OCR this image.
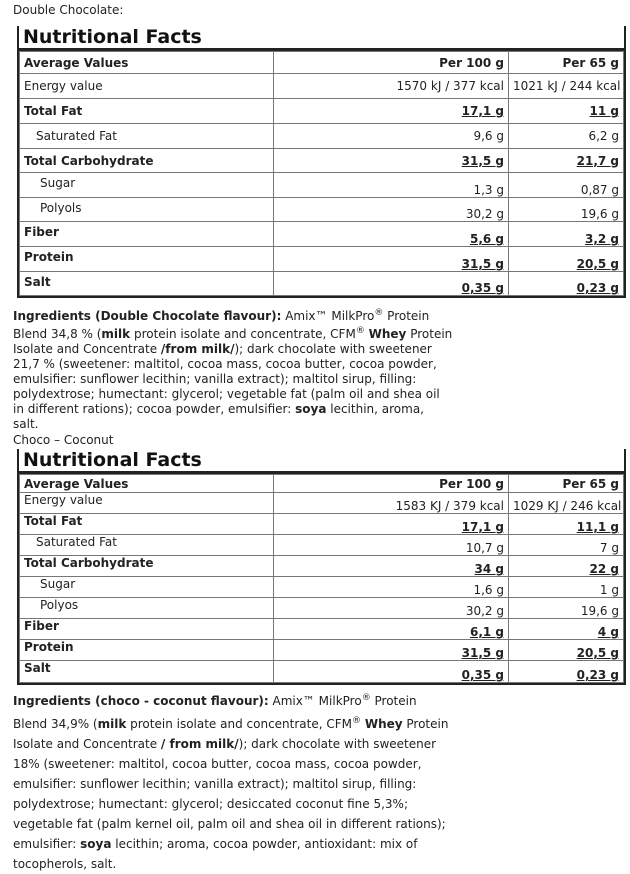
Double Chocolate:
Nutritional Facts
Average Values	Per 100 g	Per 65 g
Energy value	1570 kJ / 377 kcal	1021 kJ / 244 kcal
Total Fat	17,1 g	11 g
Saturated Fat	9,6 g	6,2 g
Total Carbohydrate	31,5 g	21,7 g
Sugar	1,3 g	0,87 g
Polyols	30,2 g	19,6 g
Fiber	5,6 g	3,2 g
Protein	31,5 g	20,5 g
Salt	0,35 g	0,23 g
Ingredients (Double Chocolate flavour): Amix™ MilkPro® Protein Blend 34,8 % (milk protein isolate and concentrate, CFM® Whey Protein Isolate and Concentrate /from milk/); dark chocolate with sweetener 21,7 % (sweetener: maltitol, cocoa mass, cocoa butter, cocoa powder, emulsifier: sunflower lecithin; vanilla extract); maltitol sirup, filling: polydextrose; humectant: glycerol; vegetable fat (palm oil and shea oil in different rations); cocoa powder, emulsifier: soya lecithin, aroma, salt.
Choco – Coconut
Nutritional Facts
Average Values	Per 100 g	Per 65 g
Energy value	1583 KJ / 379 kcal	1029 KJ / 246 kcal
Total Fat	17,1 g	11,1 g
Saturated Fat	10,7 g	7 g
Total Carbohydrate	34 g	22 g
Sugar	1,6 g	1 g
Polyos	30,2 g	19,6 g
Fiber	6,1 g	4 g
Protein	31,5 g	20,5 g
Salt	0,35 g	0,23 g
Ingredients (choco - coconut flavour): Amix™ MilkPro® Protein Blend 34,9% (milk protein isolate and concentrate, CFM® Whey Protein Isolate and Concentrate / from milk/); dark chocolate with sweetener 18% (sweetener: maltitol, cocoa butter, cocoa mass, cocoa powder, emulsifier: sunflower lecithin; vanilla extract); maltitol sirup, filling: polydextrose; humectant: glycerol; desiccated coconut fine 5,3%; vegetable fat (palm kernel oil, palm oil and shea oil in different rations); emulsifier: soya lecithin; aroma, cocoa powder, antioxidant: mix of tocopherols, salt.
